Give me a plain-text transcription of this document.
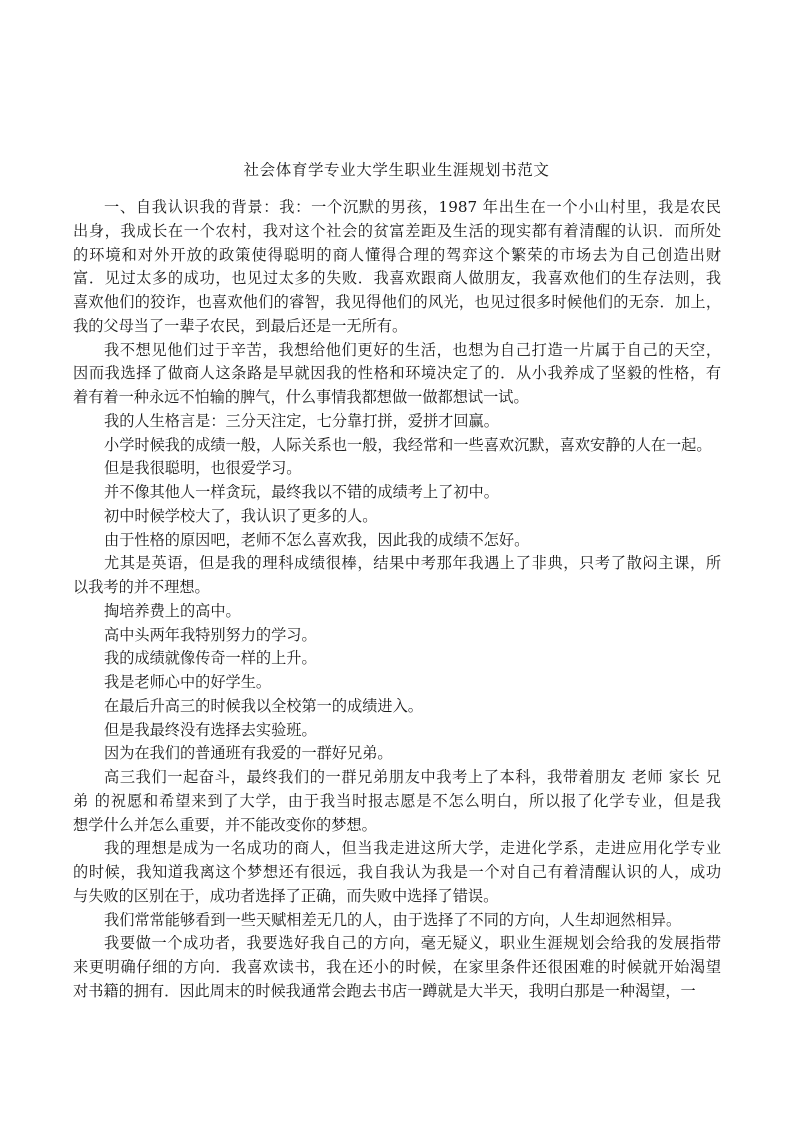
社会体育学专业大学生职业生涯规划书范文
一、自我认识我的背景：我：一个沉默的男孩，1987 年出生在一个小山村里，我是农民
出身，我成长在一个农村，我对这个社会的贫富差距及生活的现实都有着清醒的认识．而所处
的环境和对外开放的政策使得聪明的商人懂得合理的驾弈这个繁荣的市场去为自己创造出财
富．见过太多的成功，也见过太多的失败．我喜欢跟商人做朋友，我喜欢他们的生存法则，我
喜欢他们的狡诈，也喜欢他们的睿智，我见得他们的风光，也见过很多时候他们的无奈．加上，
我的父母当了一辈子农民，到最后还是一无所有。
我不想见他们过于辛苦，我想给他们更好的生活，也想为自己打造一片属于自己的天空，
因而我选择了做商人这条路是早就因我的性格和环境决定了的．从小我养成了坚毅的性格，有
着有着一种永远不怕输的脾气，什么事情我都想做一做都想试一试。
我的人生格言是：三分天注定，七分靠打拼，爱拼才回赢。
小学时候我的成绩一般，人际关系也一般，我经常和一些喜欢沉默，喜欢安静的人在一起。
但是我很聪明，也很爱学习。
并不像其他人一样贪玩，最终我以不错的成绩考上了初中。
初中时候学校大了，我认识了更多的人。
由于性格的原因吧，老师不怎么喜欢我，因此我的成绩不怎好。
尤其是英语，但是我的理科成绩很棒，结果中考那年我遇上了非典，只考了散闷主课，所
以我考的并不理想。
掏培养费上的高中。
高中头两年我特别努力的学习。
我的成绩就像传奇一样的上升。
我是老师心中的好学生。
在最后升高三的时候我以全校第一的成绩进入。
但是我最终没有选择去实验班。
因为在我们的普通班有我爱的一群好兄弟。
高三我们一起奋斗，最终我们的一群兄弟朋友中我考上了本科，我带着朋友 老师 家长 兄
弟 的祝愿和希望来到了大学，由于我当时报志愿是不怎么明白，所以报了化学专业，但是我
想学什么并怎么重要，并不能改变你的梦想。
我的理想是成为一名成功的商人，但当我走进这所大学，走进化学系，走进应用化学专业
的时候，我知道我离这个梦想还有很远，我自我认为我是一个对自己有着清醒认识的人，成功
与失败的区别在于，成功者选择了正确，而失败中选择了错误。
我们常常能够看到一些天赋相差无几的人，由于选择了不同的方向，人生却迥然相异。
我要做一个成功者，我要选好我自己的方向，毫无疑义，职业生涯规划会给我的发展指带
来更明确仔细的方向．我喜欢读书，我在还小的时候，在家里条件还很困难的时候就开始渴望
对书籍的拥有．因此周末的时候我通常会跑去书店一蹲就是大半天，我明白那是一种渴望，一
